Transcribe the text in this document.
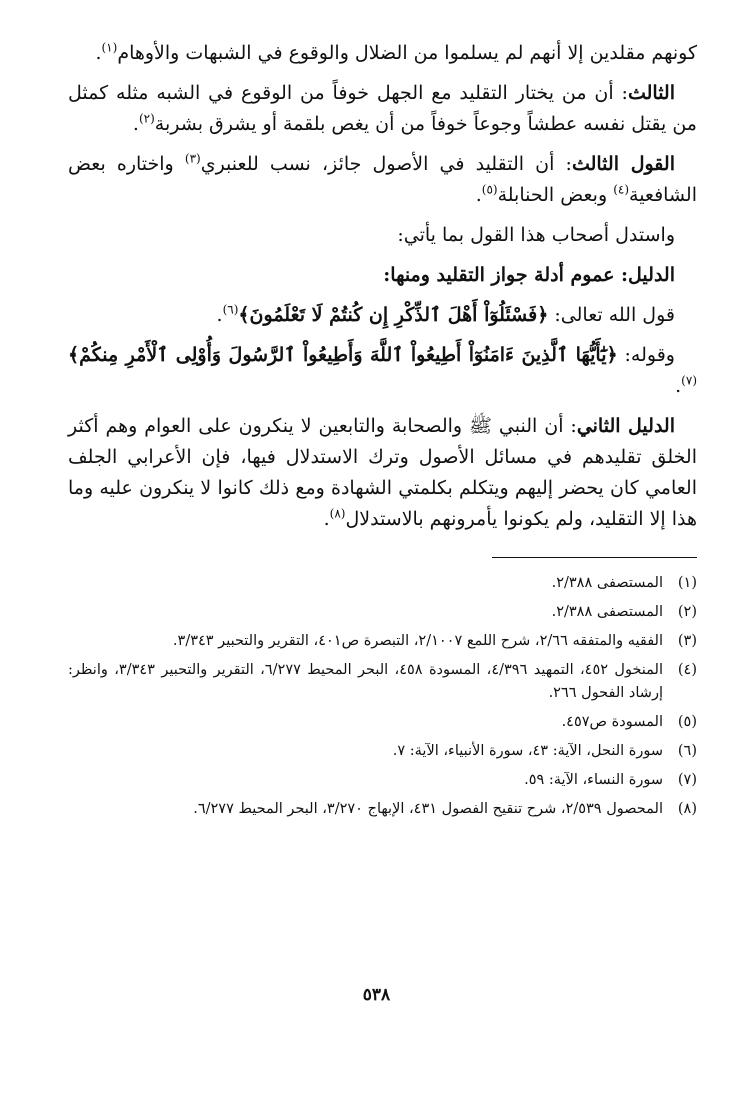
كونهم مقلدين إلا أنهم لم يسلموا من الضلال والوقوع في الشبهات والأوهام$^{(١)}$.

الثالث: أن من يختار التقليد مع الجهل خوفاً من الوقوع في الشبه مثله كمثل من يقتل نفسه عطشاً وجوعاً خوفاً من أن يغص بلقمة أو يشرق بشربة$^{(٢)}$.

القول الثالث: أن التقليد في الأصول جائز، نسب للعنبري$^{(٣)}$ واختاره بعض الشافعية$^{(٤)}$ وبعض الحنابلة$^{(٥)}$.

واستدل أصحاب هذا القول بما يأتي:

الدليل: عموم أدلة جواز التقليد ومنها:

قول الله تعالى: ﴿فَسْئَلُوٓاْ أَهْلَ ٱلذِّكْرِ إِن كُنتُمْ لَا تَعْلَمُونَ﴾$^{(٦)}$.

وقوله: ﴿يَٰٓأَيُّهَا ٱلَّذِينَ ءَامَنُوٓاْ أَطِيعُواْ ٱللَّهَ وَأَطِيعُواْ ٱلرَّسُولَ وَأُوْلِى ٱلْأَمْرِ مِنكُمْ﴾$^{(٧)}$.

الدليل الثاني: أن النبي ﷺ والصحابة والتابعين لا ينكرون على العوام وهم أكثر الخلق تقليدهم في مسائل الأصول وترك الاستدلال فيها، فإن الأعرابي الجلف العامي كان يحضر إليهم ويتكلم بكلمتي الشهادة ومع ذلك كانوا لا ينكرون عليه وما هذا إلا التقليد، ولم يكونوا يأمرونهم بالاستدلال$^{(٨)}$.

(١)
المستصفى ٢/٣٨٨.
(٢)
المستصفى ٢/٣٨٨.
(٣)
الفقيه والمتفقه ٢/٦٦، شرح اللمع ٢/١٠٠٧، التبصرة ص٤٠١، التقرير والتحبير ٣/٣٤٣.
(٤)
المنخول ٤٥٢، التمهيد ٤/٣٩٦، المسودة ٤٥٨، البحر المحيط ٦/٢٧٧، التقرير والتحبير ٣/٣٤٣، وانظر: إرشاد الفحول ٢٦٦.
(٥)
المسودة ص٤٥٧.
(٦)
سورة النحل، الآية: ٤٣، سورة الأنبياء، الآية: ٧.
(٧)
سورة النساء، الآية: ٥٩.
(٨)
المحصول ٢/٥٣٩، شرح تنقيح الفصول ٤٣١، الإبهاج ٣/٢٧٠، البحر المحيط ٦/٢٧٧.
٥٣٨
